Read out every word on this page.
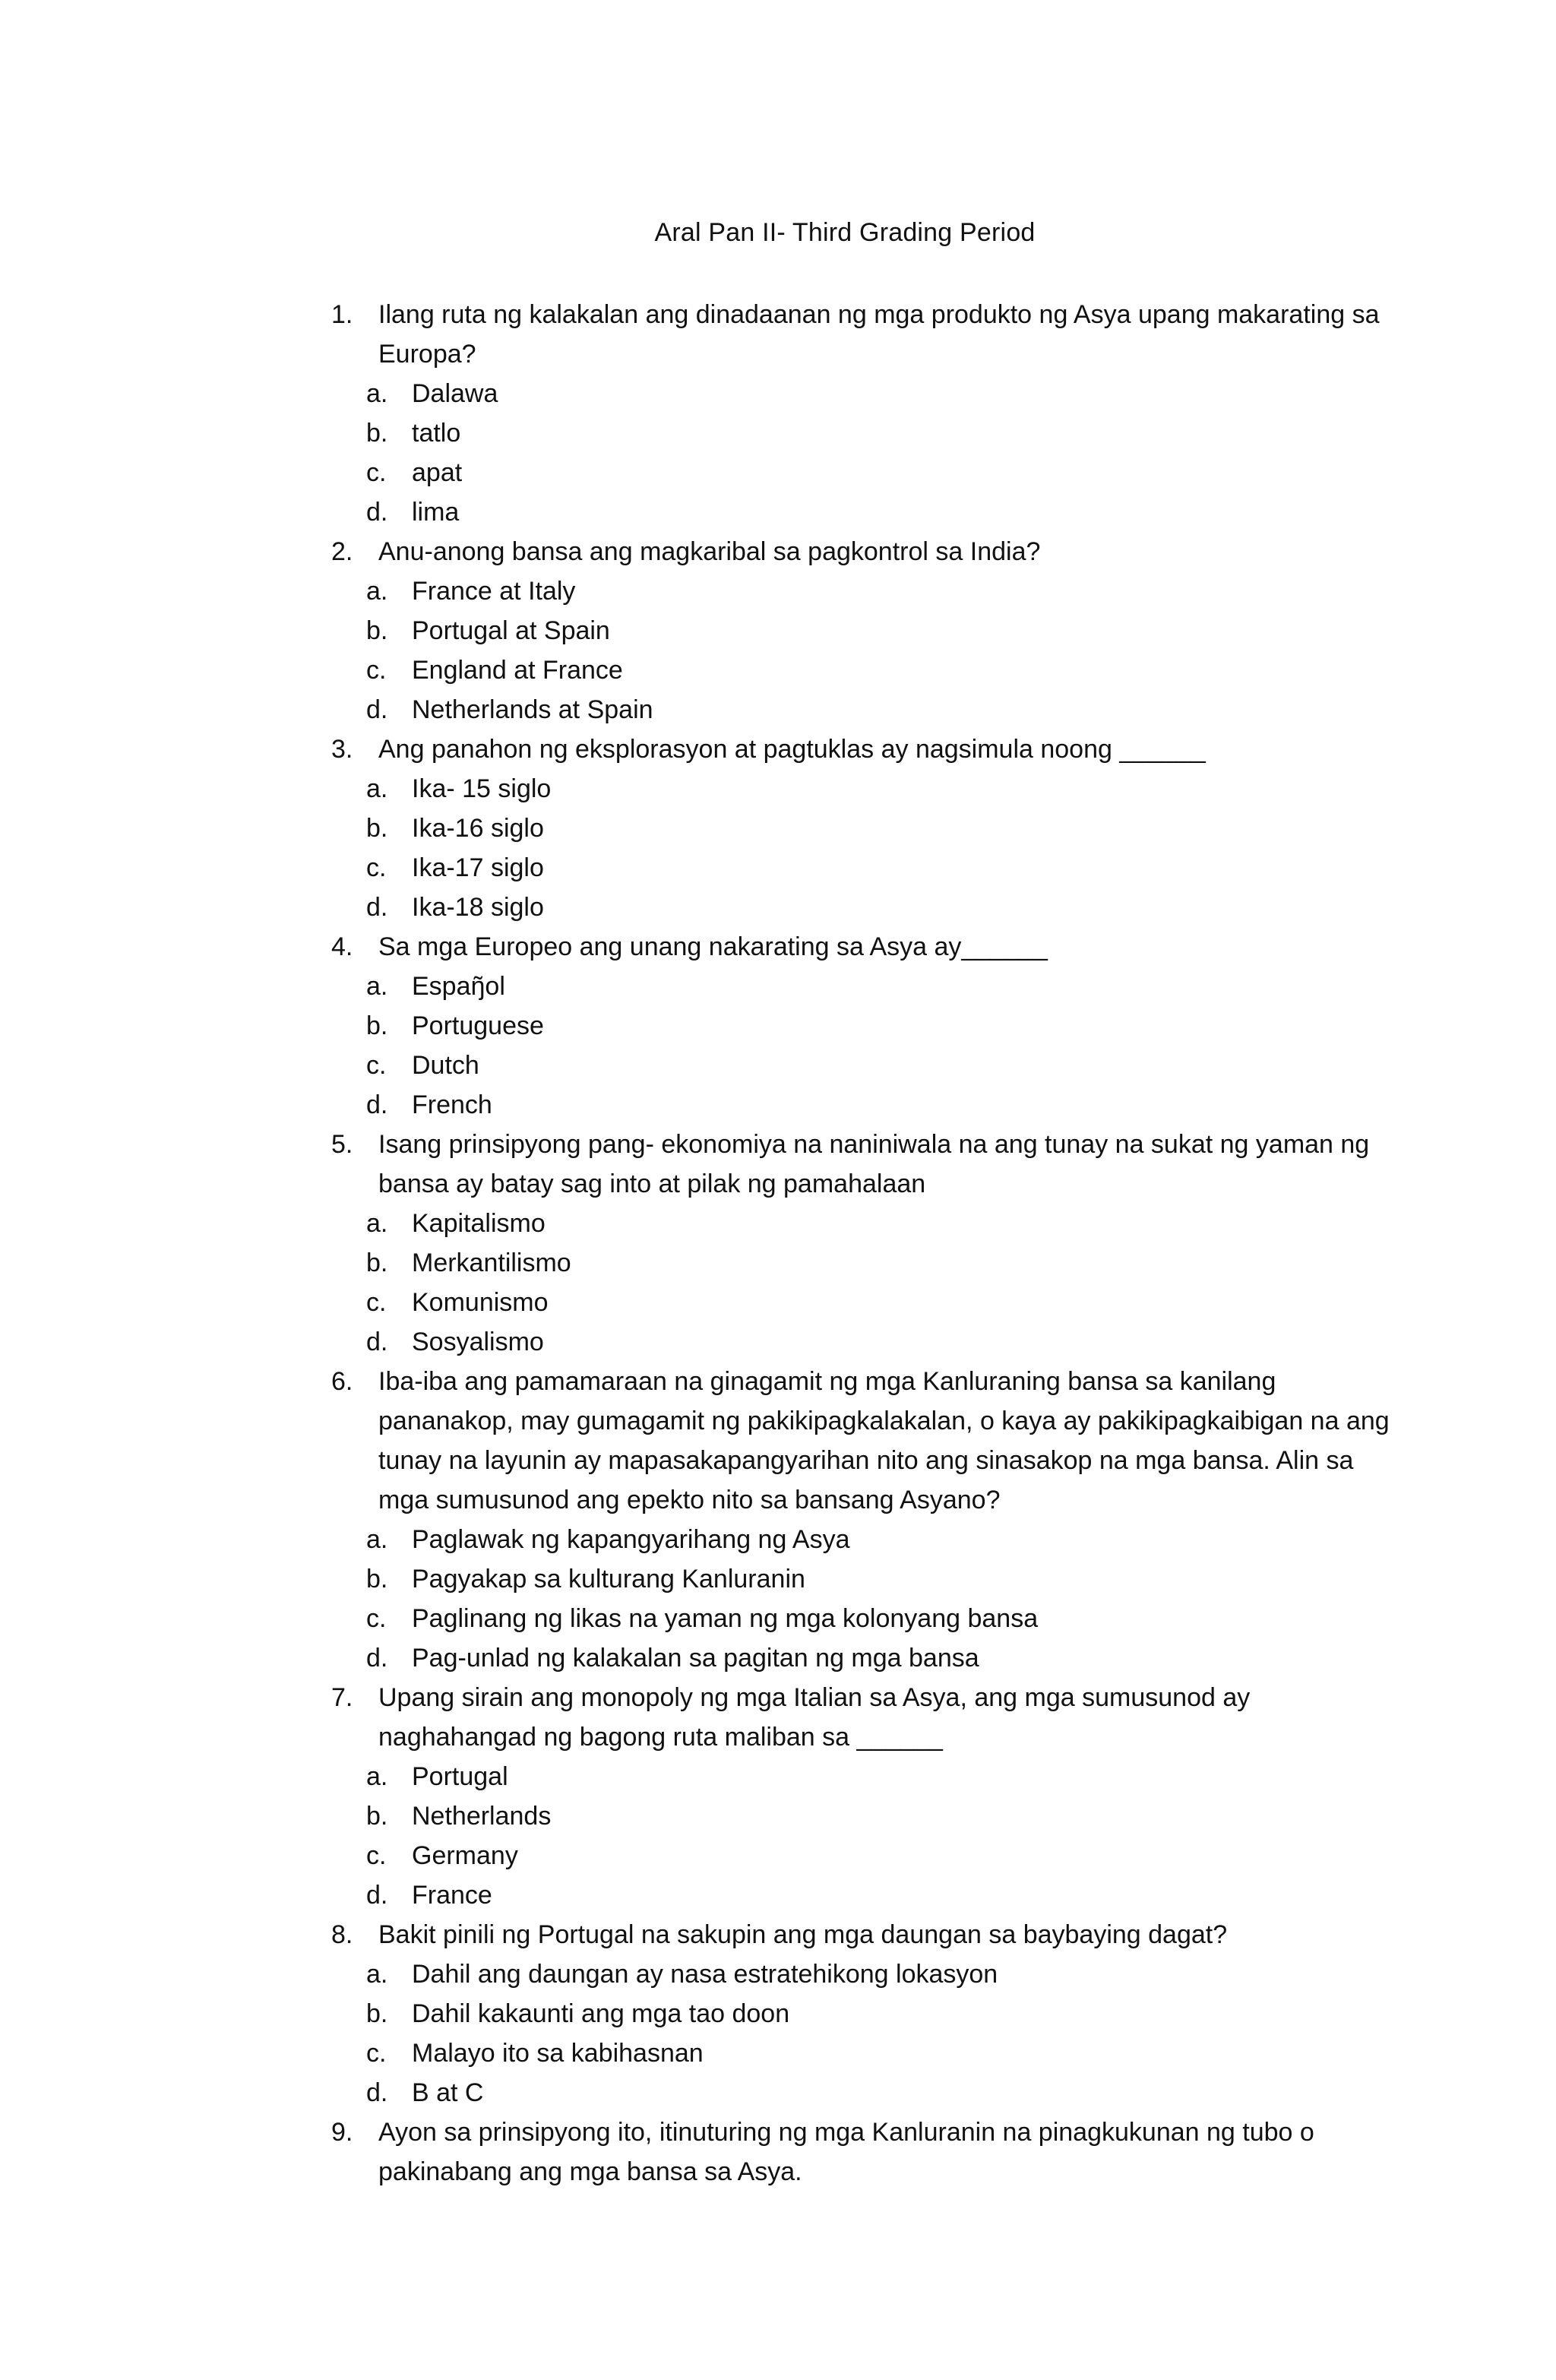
Aral Pan II- Third Grading Period
1. Ilang ruta ng kalakalan ang dinadaanan ng mga produkto ng Asya upang makarating sa Europa?
a. Dalawa
b. tatlo
c. apat
d. lima
2. Anu-anong bansa ang magkaribal sa pagkontrol sa India?
a. France at Italy
b. Portugal at Spain
c. England at France
d. Netherlands at Spain
3. Ang panahon ng eksplorasyon at pagtuklas ay nagsimula noong ______
a. Ika- 15 siglo
b. Ika-16 siglo
c. Ika-17 siglo
d. Ika-18 siglo
4. Sa mga Europeo ang unang nakarating sa Asya ay______
a. Espaŋ̃ol
b. Portuguese
c. Dutch
d. French
5. Isang prinsipyong pang- ekonomiya na naniniwala na ang tunay na sukat ng yaman ng bansa ay batay sag into at pilak ng pamahalaan
a. Kapitalismo
b. Merkantilismo
c. Komunismo
d. Sosyalismo
6. Iba-iba ang pamamaraan na ginagamit ng mga Kanluraning bansa sa kanilang pananakop, may gumagamit ng pakikipagkalakalan, o kaya ay pakikipagkaibigan na ang tunay na layunin ay mapasakapangyarihan nito ang sinasakop na mga bansa. Alin sa mga sumusunod ang epekto nito sa bansang Asyano?
a. Paglawak ng kapangyarihang ng Asya
b. Pagyakap sa kulturang Kanluranin
c. Paglinang ng likas na yaman ng mga kolonyang bansa
d. Pag-unlad ng kalakalan sa pagitan ng mga bansa
7. Upang sirain ang monopoly ng mga Italian sa Asya, ang mga sumusunod ay naghahangad ng bagong ruta maliban sa ______
a. Portugal
b. Netherlands
c. Germany
d. France
8. Bakit pinili ng Portugal na sakupin ang mga daungan sa baybaying dagat?
a. Dahil ang daungan ay nasa estratehikong lokasyon
b. Dahil kakaunti ang mga tao doon
c. Malayo ito sa kabihasnan
d. B at C
9. Ayon sa prinsipyong ito, itinuturing ng mga Kanluranin na pinagkukunan ng tubo o pakinabang ang mga bansa sa Asya.
